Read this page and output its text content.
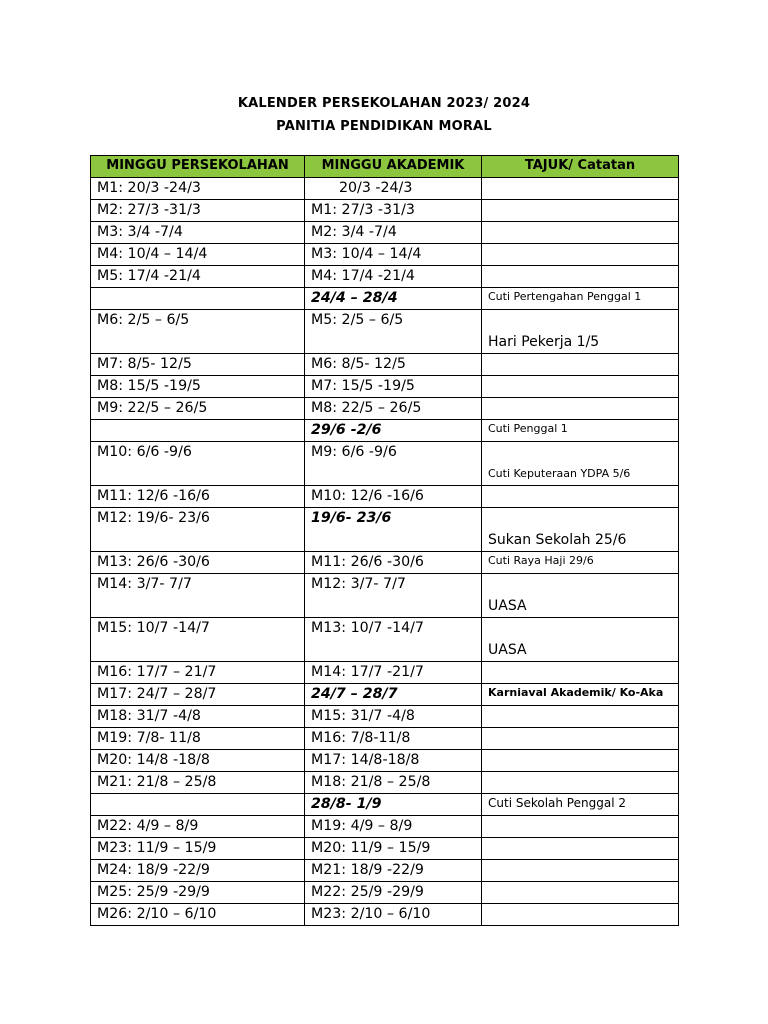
KALENDER PERSEKOLAHAN 2023/ 2024
PANITIA PENDIDIKAN MORAL
MINGGU PERSEKOLAHAN	MINGGU AKADEMIK	TAJUK/ Catatan
M1: 20/3 -24/3	20/3 -24/3	
M2: 27/3 -31/3	M1: 27/3 -31/3	
M3: 3/4 -7/4	M2: 3/4 -7/4	
M4: 10/4 – 14/4	M3: 10/4 – 14/4	
M5: 17/4 -21/4	M4: 17/4 -21/4	
	24/4 – 28/4	Cuti Pertengahan Penggal 1

M6: 2/5 – 6/5	M5: 2/5 – 6/5	Hari Pekerja 1/5

M7: 8/5- 12/5	M6: 8/5- 12/5	
M8: 15/5 -19/5	M7: 15/5 -19/5	
M9: 22/5 – 26/5	M8: 22/5 – 26/5	
	29/6 -2/6	Cuti Penggal 1

M10: 6/6 -9/6	M9: 6/6 -9/6	Cuti Keputeraan YDPA 5/6

M11: 12/6 -16/6	M10: 12/6 -16/6	
M12: 19/6- 23/6	19/6- 23/6	Sukan Sekolah 25/6

M13: 26/6 -30/6	M11: 26/6 -30/6	Cuti Raya Haji 29/6

M14: 3/7- 7/7	M12: 3/7- 7/7	UASA

M15: 10/7 -14/7	M13: 10/7 -14/7	UASA

M16: 17/7 – 21/7	M14: 17/7 -21/7	
M17: 24/7 – 28/7	24/7 – 28/7	Karniaval Akademik/ Ko-Aka

M18: 31/7 -4/8	M15: 31/7 -4/8	
M19: 7/8- 11/8	M16: 7/8-11/8	
M20: 14/8 -18/8	M17: 14/8-18/8	
M21: 21/8 – 25/8	M18: 21/8 – 25/8	
	28/8- 1/9	Cuti Sekolah Penggal 2

M22: 4/9 – 8/9	M19: 4/9 – 8/9	
M23: 11/9 – 15/9	M20: 11/9 – 15/9	
M24: 18/9 -22/9	M21: 18/9 -22/9	
M25: 25/9 -29/9	M22: 25/9 -29/9	
M26: 2/10 – 6/10	M23: 2/10 – 6/10	
